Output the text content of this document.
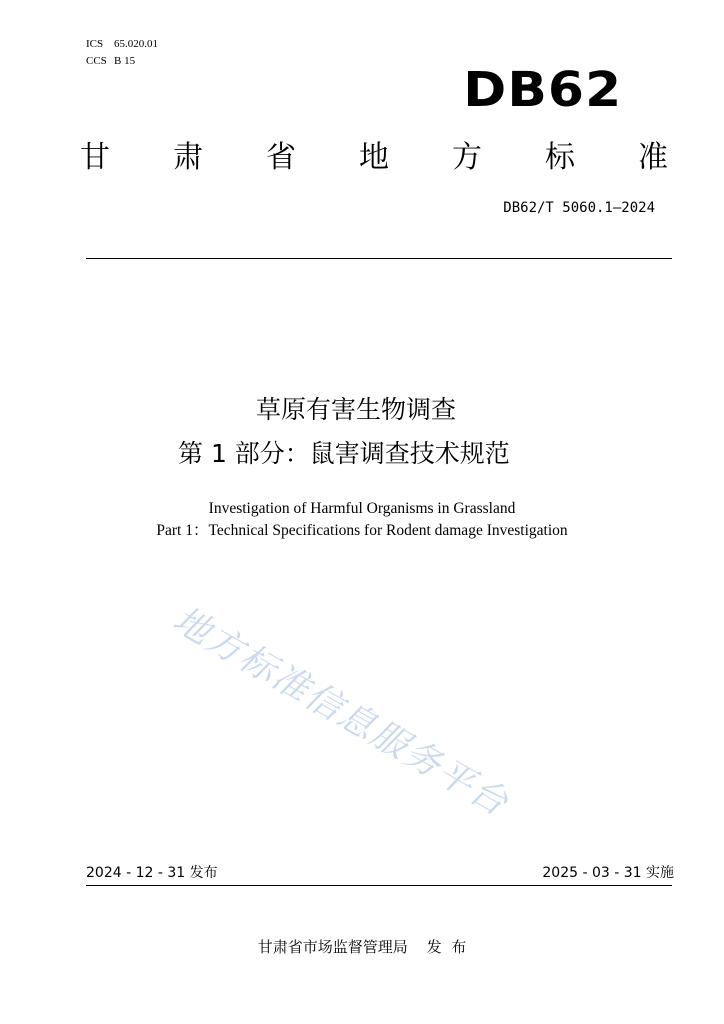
ICS 65.020.01
CCS B 15
DB62
甘 肃 省 地 方 标 准
DB62/T 5060.1—2024
草原有害生物调查
第 1 部分：鼠害调查技术规范
Investigation of Harmful Organisms in Grassland
Part 1：Technical Specifications for Rodent damage Investigation
地方标准信息服务平台
2024 - 12 - 31 发布	2025 - 03 - 31 实施
甘肃省市场监督管理局    发  布
